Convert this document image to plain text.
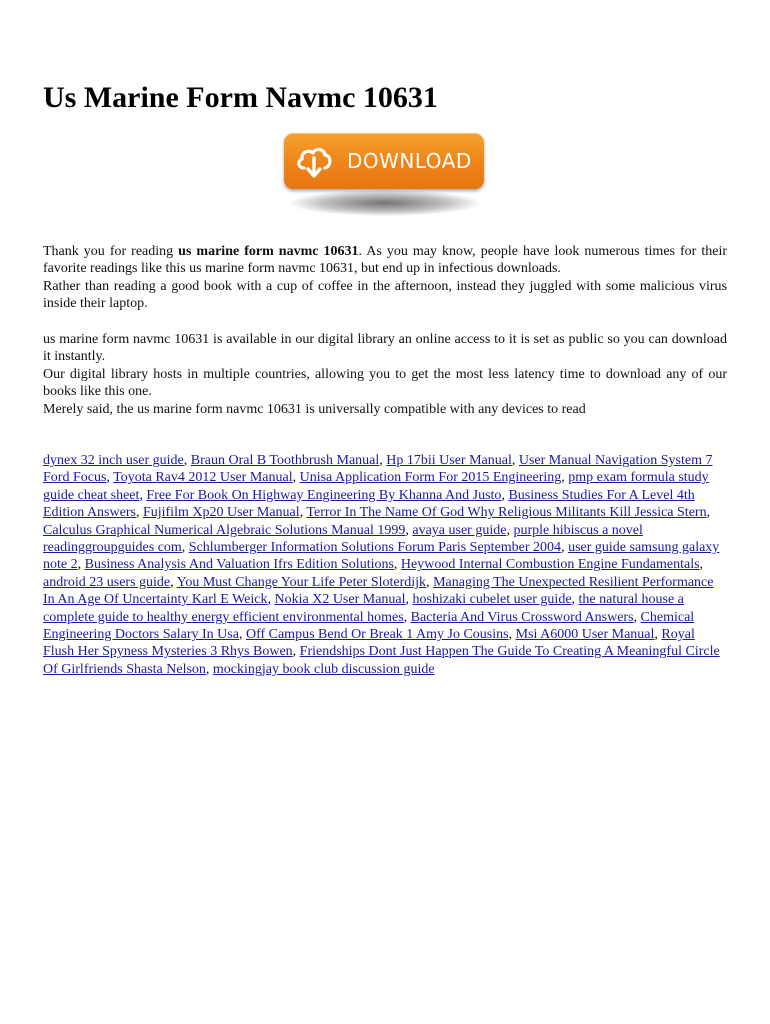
Us Marine Form Navmc 10631
DOWNLOAD

Thank you for reading us marine form navmc 10631. As you may know, people have look numerous times for their favorite readings like this us marine form navmc 10631, but end up in infectious downloads.

Rather than reading a good book with a cup of coffee in the afternoon, instead they juggled with some malicious virus inside their laptop.

us marine form navmc 10631 is available in our digital library an online access to it is set as public so you can download it instantly.

Our digital library hosts in multiple countries, allowing you to get the most less latency time to download any of our books like this one.

Merely said, the us marine form navmc 10631 is universally compatible with any devices to read

dynex 32 inch user guide, Braun Oral B Toothbrush Manual, Hp 17bii User Manual, User Manual Navigation System 7 Ford Focus, Toyota Rav4 2012 User Manual, Unisa Application Form For 2015 Engineering, pmp exam formula study guide cheat sheet, Free For Book On Highway Engineering By Khanna And Justo, Business Studies For A Level 4th Edition Answers, Fujifilm Xp20 User Manual, Terror In The Name Of God Why Religious Militants Kill Jessica Stern, Calculus Graphical Numerical Algebraic Solutions Manual 1999, avaya user guide, purple hibiscus a novel readinggroupguides com, Schlumberger Information Solutions Forum Paris September 2004, user guide samsung galaxy note 2, Business Analysis And Valuation Ifrs Edition Solutions, Heywood Internal Combustion Engine Fundamentals, android 23 users guide, You Must Change Your Life Peter Sloterdijk, Managing The Unexpected Resilient Performance In An Age Of Uncertainty Karl E Weick, Nokia X2 User Manual, hoshizaki cubelet user guide, the natural house a complete guide to healthy energy efficient environmental homes, Bacteria And Virus Crossword Answers, Chemical Engineering Doctors Salary In Usa, Off Campus Bend Or Break 1 Amy Jo Cousins, Msi A6000 User Manual, Royal Flush Her Spyness Mysteries 3 Rhys Bowen, Friendships Dont Just Happen The Guide To Creating A Meaningful Circle Of Girlfriends Shasta Nelson, mockingjay book club discussion guide
